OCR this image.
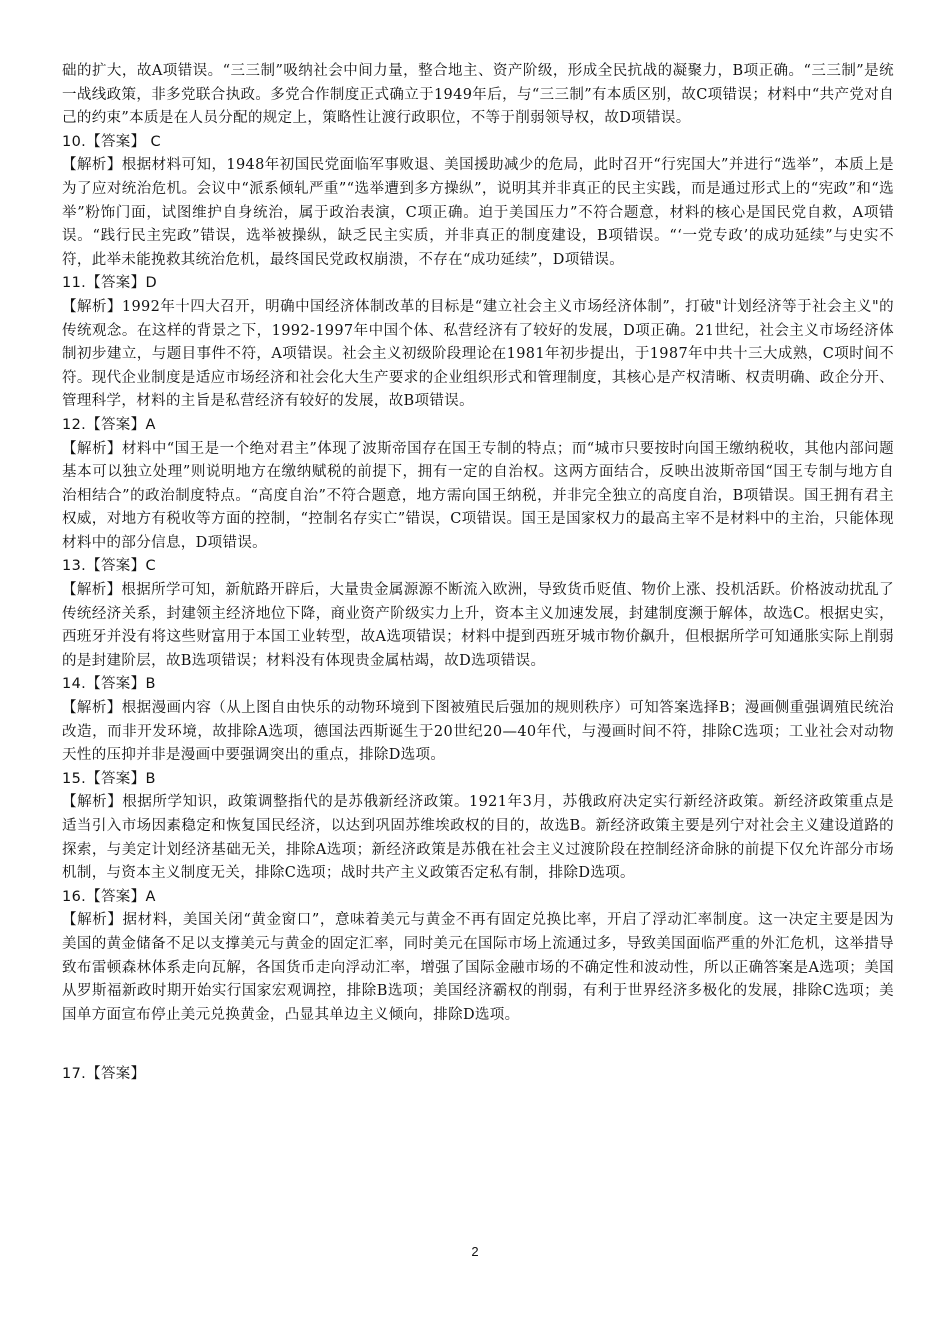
础的扩大，故A项错误。“三三制”吸纳社会中间力量，整合地主、资产阶级，形成全民抗战的凝聚力，B项正确。“三三制”是统一战线政策，非多党联合执政。多党合作制度正式确立于1949年后，与“三三制”有本质区别，故C项错误；材料中“共产党对自己的约束”本质是在人员分配的规定上，策略性让渡行政职位，不等于削弱领导权，故D项错误。

10.【答案】 C

【解析】根据材料可知，1948年初国民党面临军事败退、美国援助减少的危局，此时召开“行宪国大”并进行“选举”，本质上是为了应对统治危机。会议中“派系倾轧严重”“选举遭到多方操纵”，说明其并非真正的民主实践，而是通过形式上的“宪政”和“选举”粉饰门面，试图维护自身统治，属于政治表演，C项正确。迫于美国压力”不符合题意，材料的核心是国民党自救，A项错误。“践行民主宪政”错误，选举被操纵，缺乏民主实质，并非真正的制度建设，B项错误。“‘一党专政’的成功延续”与史实不符，此举未能挽救其统治危机，最终国民党政权崩溃，不存在“成功延续”，D项错误。

11.【答案】D

【解析】1992年十四大召开，明确中国经济体制改革的目标是“建立社会主义市场经济体制”，打破"计划经济等于社会主义"的传统观念。在这样的背景之下，1992-1997年中国个体、私营经济有了较好的发展，D项正确。21世纪，社会主义市场经济体制初步建立，与题目事件不符，A项错误。社会主义初级阶段理论在1981年初步提出，于1987年中共十三大成熟，C项时间不符。现代企业制度是适应市场经济和社会化大生产要求的企业组织形式和管理制度，其核心是产权清晰、权责明确、政企分开、管理科学，材料的主旨是私营经济有较好的发展，故B项错误。

12.【答案】A

【解析】材料中“国王是一个绝对君主”体现了波斯帝国存在国王专制的特点；而“城市只要按时向国王缴纳税收，其他内部问题基本可以独立处理”则说明地方在缴纳赋税的前提下，拥有一定的自治权。这两方面结合，反映出波斯帝国“国王专制与地方自治相结合”的政治制度特点。“高度自治”不符合题意，地方需向国王纳税，并非完全独立的高度自治，B项错误。国王拥有君主权威，对地方有税收等方面的控制，“控制名存实亡”错误，C项错误。国王是国家权力的最高主宰不是材料中的主治，只能体现材料中的部分信息，D项错误。

13.【答案】C

【解析】根据所学可知，新航路开辟后，大量贵金属源源不断流入欧洲，导致货币贬值、物价上涨、投机活跃。价格波动扰乱了传统经济关系，封建领主经济地位下降，商业资产阶级实力上升，资本主义加速发展，封建制度濒于解体，故选C。根据史实，西班牙并没有将这些财富用于本国工业转型，故A选项错误；材料中提到西班牙城市物价飙升，但根据所学可知通胀实际上削弱的是封建阶层，故B选项错误；材料没有体现贵金属枯竭，故D选项错误。

14.【答案】B

【解析】根据漫画内容（从上图自由快乐的动物环境到下图被殖民后强加的规则秩序）可知答案选择B；漫画侧重强调殖民统治改造，而非开发环境，故排除A选项，德国法西斯诞生于20世纪20—40年代，与漫画时间不符，排除C选项；工业社会对动物天性的压抑并非是漫画中要强调突出的重点，排除D选项。

15.【答案】B

【解析】根据所学知识，政策调整指代的是苏俄新经济政策。1921年3月，苏俄政府决定实行新经济政策。新经济政策重点是适当引入市场因素稳定和恢复国民经济，以达到巩固苏维埃政权的目的，故选B。新经济政策主要是列宁对社会主义建设道路的探索，与美定计划经济基础无关，排除A选项；新经济政策是苏俄在社会主义过渡阶段在控制经济命脉的前提下仅允许部分市场机制，与资本主义制度无关，排除C选项；战时共产主义政策否定私有制，排除D选项。

16.【答案】A

【解析】据材料，美国关闭“黄金窗口”，意味着美元与黄金不再有固定兑换比率，开启了浮动汇率制度。这一决定主要是因为美国的黄金储备不足以支撑美元与黄金的固定汇率，同时美元在国际市场上流通过多，导致美国面临严重的外汇危机，这举措导致布雷顿森林体系走向瓦解，各国货币走向浮动汇率，增强了国际金融市场的不确定性和波动性，所以正确答案是A选项；美国从罗斯福新政时期开始实行国家宏观调控，排除B选项；美国经济霸权的削弱，有利于世界经济多极化的发展，排除C选项；美国单方面宣布停止美元兑换黄金，凸显其单边主义倾向，排除D选项。

17.【答案】

2
